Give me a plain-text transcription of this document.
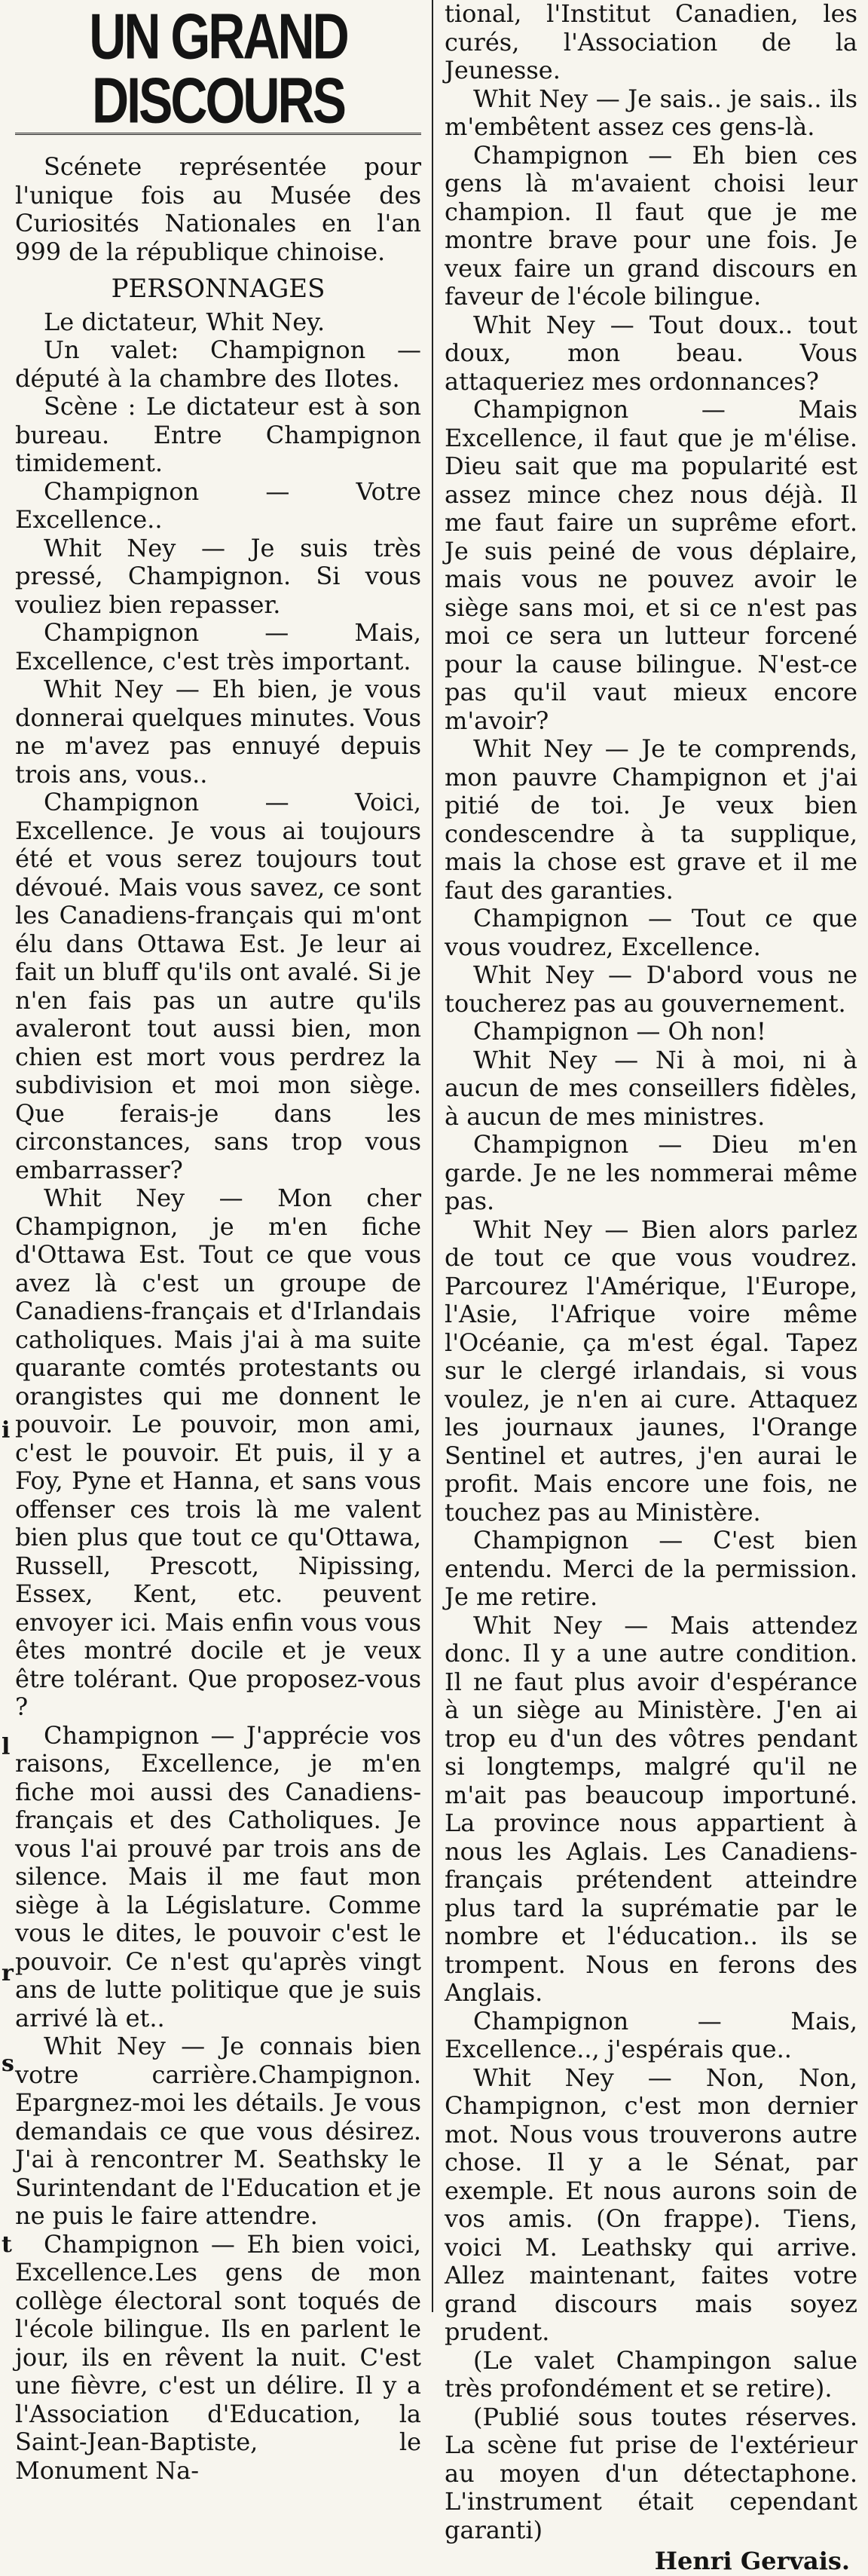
i
l
r
s
t
UN GRAND DISCOURS

Scénete représentée pour l'unique fois au Musée des Curiosités Nationales en l'an 999 de la république chinoise.

PERSONNAGES

Le dictateur, Whit Ney.

Un valet: Champignon — député à la chambre des Ilotes.

Scène : Le dictateur est à son bureau. Entre Champignon timidement.

Champignon — Votre Excellence..

Whit Ney — Je suis très pressé, Champignon. Si vous vouliez bien repasser.

Champignon — Mais, Excellence, c'est très important.

Whit Ney — Eh bien, je vous donnerai quelques minutes. Vous ne m'avez pas ennuyé depuis trois ans, vous..

Champignon — Voici, Excellence. Je vous ai toujours été et vous serez toujours tout dévoué. Mais vous savez, ce sont les Canadiens-français qui m'ont élu dans Ottawa Est. Je leur ai fait un bluff qu'ils ont avalé. Si je n'en fais pas un autre qu'ils avaleront tout aussi bien, mon chien est mort vous perdrez la subdivision et moi mon siège. Que ferais-je dans les circonstances, sans trop vous embarrasser?

Whit Ney — Mon cher Champignon, je m'en fiche d'Ottawa Est. Tout ce que vous avez là c'est un groupe de Canadiens-français et d'Irlandais catholiques. Mais j'ai à ma suite quarante comtés protestants ou orangistes qui me donnent le pouvoir. Le pouvoir, mon ami, c'est le pouvoir. Et puis, il y a Foy, Pyne et Hanna, et sans vous offenser ces trois là me valent bien plus que tout ce qu'Ottawa, Russell, Prescott, Nipissing, Essex, Kent, etc. peuvent envoyer ici. Mais enfin vous vous êtes montré docile et je veux être tolérant. Que proposez-vous ?

Champignon — J'apprécie vos raisons, Excellence, je m'en fiche moi aussi des Canadiens-français et des Catholiques. Je vous l'ai prouvé par trois ans de silence. Mais il me faut mon siège à la Législature. Comme vous le dites, le pouvoir c'est le pouvoir. Ce n'est qu'après vingt ans de lutte politique que je suis arrivé là et..

Whit Ney — Je connais bien votre carrière.Champignon. Epargnez-moi les détails. Je vous demandais ce que vous désirez. J'ai à rencontrer M. Seathsky le Surintendant de l'Education et je ne puis le faire attendre.

Champignon — Eh bien voici, Excellence.Les gens de mon collège électoral sont toqués de l'école bilingue. Ils en parlent le jour, ils en rêvent la nuit. C'est une fièvre, c'est un délire. Il y a l'Association d'Education, la Saint-Jean-Baptiste, le Monument Na-

tional, l'Institut Canadien, les curés, l'Association de la Jeunesse.

Whit Ney — Je sais.. je sais.. ils m'embêtent assez ces gens-là.

Champignon — Eh bien ces gens là m'avaient choisi leur champion. Il faut que je me montre brave pour une fois. Je veux faire un grand discours en faveur de l'école bilingue.

Whit Ney — Tout doux.. tout doux, mon beau. Vous attaqueriez mes ordonnances?

Champignon — Mais Excellence, il faut que je m'élise. Dieu sait que ma popularité est assez mince chez nous déjà. Il me faut faire un suprême efort. Je suis peiné de vous déplaire, mais vous ne pouvez avoir le siège sans moi, et si ce n'est pas moi ce sera un lutteur forcené pour la cause bilingue. N'est-ce pas qu'il vaut mieux encore m'avoir?

Whit Ney — Je te comprends, mon pauvre Champignon et j'ai pitié de toi. Je veux bien condescendre à ta supplique, mais la chose est grave et il me faut des garanties.

Champignon — Tout ce que vous voudrez, Excellence.

Whit Ney — D'abord vous ne toucherez pas au gouvernement.

Champignon — Oh non!

Whit Ney — Ni à moi, ni à aucun de mes conseillers fidèles, à aucun de mes ministres.

Champignon — Dieu m'en garde. Je ne les nommerai même pas.

Whit Ney — Bien alors parlez de tout ce que vous voudrez. Parcourez l'Amérique, l'Europe, l'Asie, l'Afrique voire même l'Océanie, ça m'est égal. Tapez sur le clergé irlandais, si vous voulez, je n'en ai cure. Attaquez les journaux jaunes, l'Orange Sentinel et autres, j'en aurai le profit. Mais encore une fois, ne touchez pas au Ministère.

Champignon — C'est bien entendu. Merci de la permission. Je me retire.

Whit Ney — Mais attendez donc. Il y a une autre condition. Il ne faut plus avoir d'espérance à un siège au Ministère. J'en ai trop eu d'un des vôtres pendant si longtemps, malgré qu'il ne m'ait pas beaucoup importuné. La province nous appartient à nous les Aglais. Les Canadiens-français prétendent atteindre plus tard la suprématie par le nombre et l'éducation.. ils se trompent. Nous en ferons des Anglais.

Champignon — Mais, Excellence.., j'espérais que..

Whit Ney — Non, Non, Champignon, c'est mon dernier mot. Nous vous trouverons autre chose. Il y a le Sénat, par exemple. Et nous aurons soin de vos amis. (On frappe). Tiens, voici M. Leathsky qui arrive. Allez maintenant, faites votre grand discours mais soyez prudent.

(Le valet Champingon salue très profondément et se retire).

(Publié sous toutes réserves. La scène fut prise de l'extérieur au moyen d'un détectaphone. L'instrument était cependant garanti)

Henri Gervais.
